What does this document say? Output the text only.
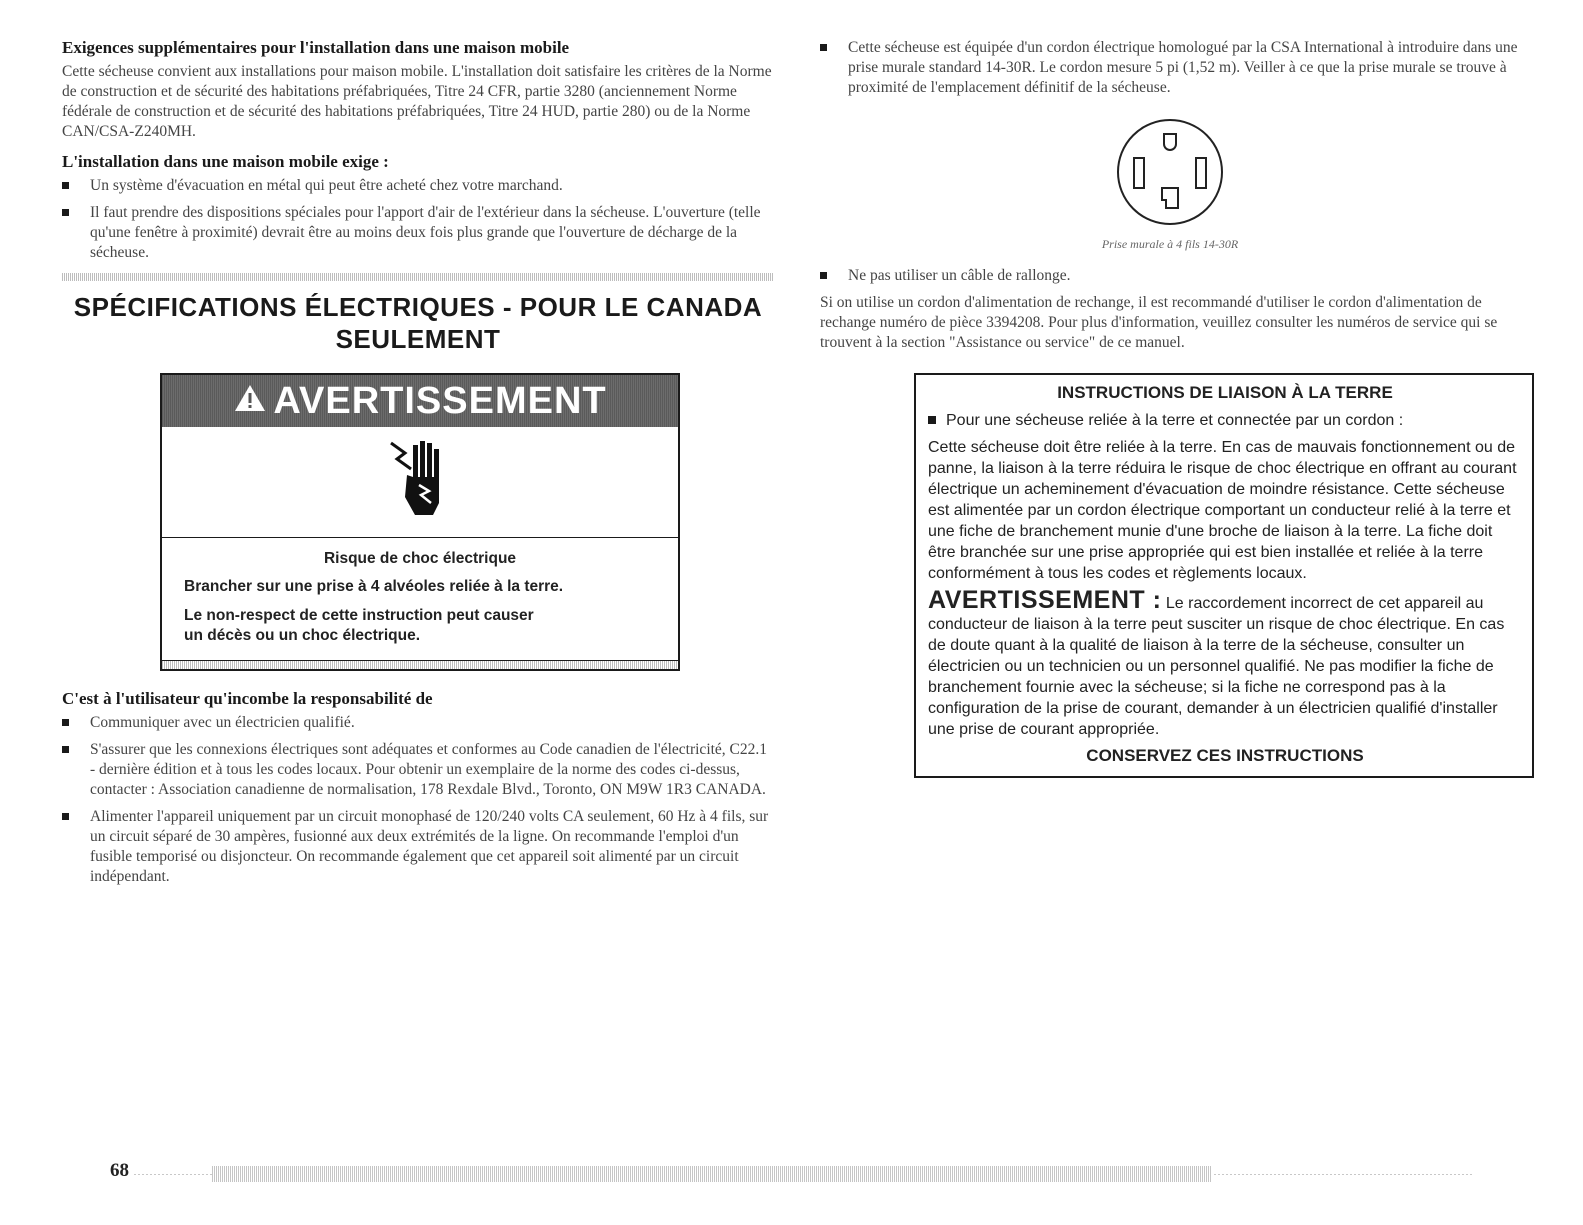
Exigences supplémentaires pour l'installation dans une maison mobile

Cette sécheuse convient aux installations pour maison mobile. L'installation doit satisfaire les critères de la Norme de construction et de sécurité des habitations préfabriquées, Titre 24 CFR, partie 3280 (anciennement Norme fédérale de construction et de sécurité des habitations préfabriquées, Titre 24 HUD, partie 280) ou de la Norme CAN/CSA-Z240MH.

L'installation dans une maison mobile exige :
Un système d'évacuation en métal qui peut être acheté chez votre marchand.
Il faut prendre des dispositions spéciales pour l'apport d'air de l'extérieur dans la sécheuse. L'ouverture (telle qu'une fenêtre à proximité) devrait être au moins deux fois plus grande que l'ouverture de décharge de la sécheuse.
SPÉCIFICATIONS ÉLECTRIQUES - POUR LE CANADA
SEULEMENT
AVERTISSEMENT
Risque de choc électrique
Brancher sur une prise à 4 alvéoles reliée à la terre.
Le non-respect de cette instruction peut causer
un décès ou un choc électrique.
C'est à l'utilisateur qu'incombe la responsabilité de
Communiquer avec un électricien qualifié.
S'assurer que les connexions électriques sont adéquates et conformes au Code canadien de l'électricité, C22.1 - dernière édition et à tous les codes locaux. Pour obtenir un exemplaire de la norme des codes ci-dessus, contacter : Association canadienne de normalisation, 178 Rexdale Blvd., Toronto, ON M9W 1R3 CANADA.
Alimenter l'appareil uniquement par un circuit monophasé de 120/240 volts CA seulement, 60 Hz à 4 fils, sur un circuit séparé de 30 ampères, fusionné aux deux extrémités de la ligne. On recommande l'emploi d'un fusible temporisé ou disjoncteur. On recommande également que cet appareil soit alimenté par un circuit indépendant.
Cette sécheuse est équipée d'un cordon électrique homologué par la CSA International à introduire dans une prise murale standard 14-30R. Le cordon mesure 5 pi (1,52 m). Veiller à ce que la prise murale se trouve à proximité de l'emplacement définitif de la sécheuse.
Prise murale à 4 fils 14-30R
Ne pas utiliser un câble de rallonge.

Si on utilise un cordon d'alimentation de rechange, il est recommandé d'utiliser le cordon d'alimentation de rechange numéro de pièce 3394208. Pour plus d'information, veuillez consulter les numéros de service qui se trouvent à la section "Assistance ou service" de ce manuel.

INSTRUCTIONS DE LIAISON À LA TERRE
Pour une sécheuse reliée à la terre et connectée par un cordon :

Cette sécheuse doit être reliée à la terre. En cas de mauvais fonctionnement ou de panne, la liaison à la terre réduira le risque de choc électrique en offrant au courant électrique un acheminement d'évacuation de moindre résistance. Cette sécheuse est alimentée par un cordon électrique comportant un conducteur relié à la terre et une fiche de branchement munie d'une broche de liaison à la terre. La fiche doit être branchée sur une prise appropriée qui est bien installée et reliée à la terre conformément à tous les codes et règlements locaux.

AVERTISSEMENT : Le raccordement incorrect de cet appareil au conducteur de liaison à la terre peut susciter un risque de choc électrique. En cas de doute quant à la qualité de liaison à la terre de la sécheuse, consulter un électricien ou un technicien ou un personnel qualifié. Ne pas modifier la fiche de branchement fournie avec la sécheuse; si la fiche ne correspond pas à la configuration de la prise de courant, demander à un électricien qualifié d'installer une prise de courant appropriée.

CONSERVEZ CES INSTRUCTIONS
68
